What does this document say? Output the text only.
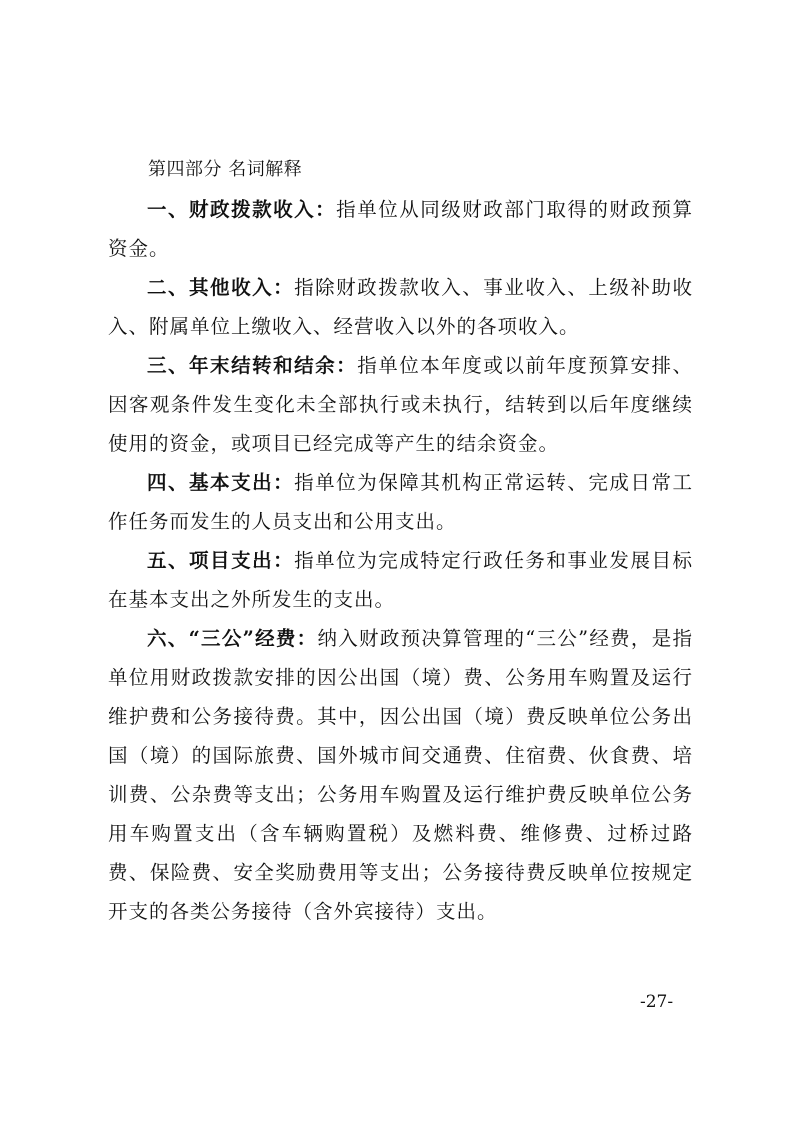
第四部分 名词解释

一、财政拨款收入：指单位从同级财政部门取得的财政预算资金。

二、其他收入：指除财政拨款收入、事业收入、上级补助收入、附属单位上缴收入、经营收入以外的各项收入。

三、年末结转和结余：指单位本年度或以前年度预算安排、因客观条件发生变化未全部执行或未执行，结转到以后年度继续使用的资金，或项目已经完成等产生的结余资金。

四、基本支出：指单位为保障其机构正常运转、完成日常工作任务而发生的人员支出和公用支出。

五、项目支出：指单位为完成特定行政任务和事业发展目标在基本支出之外所发生的支出。

六、“三公”经费：纳入财政预决算管理的“三公”经费，是指单位用财政拨款安排的因公出国（境）费、公务用车购置及运行维护费和公务接待费。其中，因公出国（境）费反映单位公务出国（境）的国际旅费、国外城市间交通费、住宿费、伙食费、培训费、公杂费等支出；公务用车购置及运行维护费反映单位公务用车购置支出（含车辆购置税）及燃料费、维修费、过桥过路费、保险费、安全奖励费用等支出；公务接待费反映单位按规定开支的各类公务接待（含外宾接待）支出。

-27-
